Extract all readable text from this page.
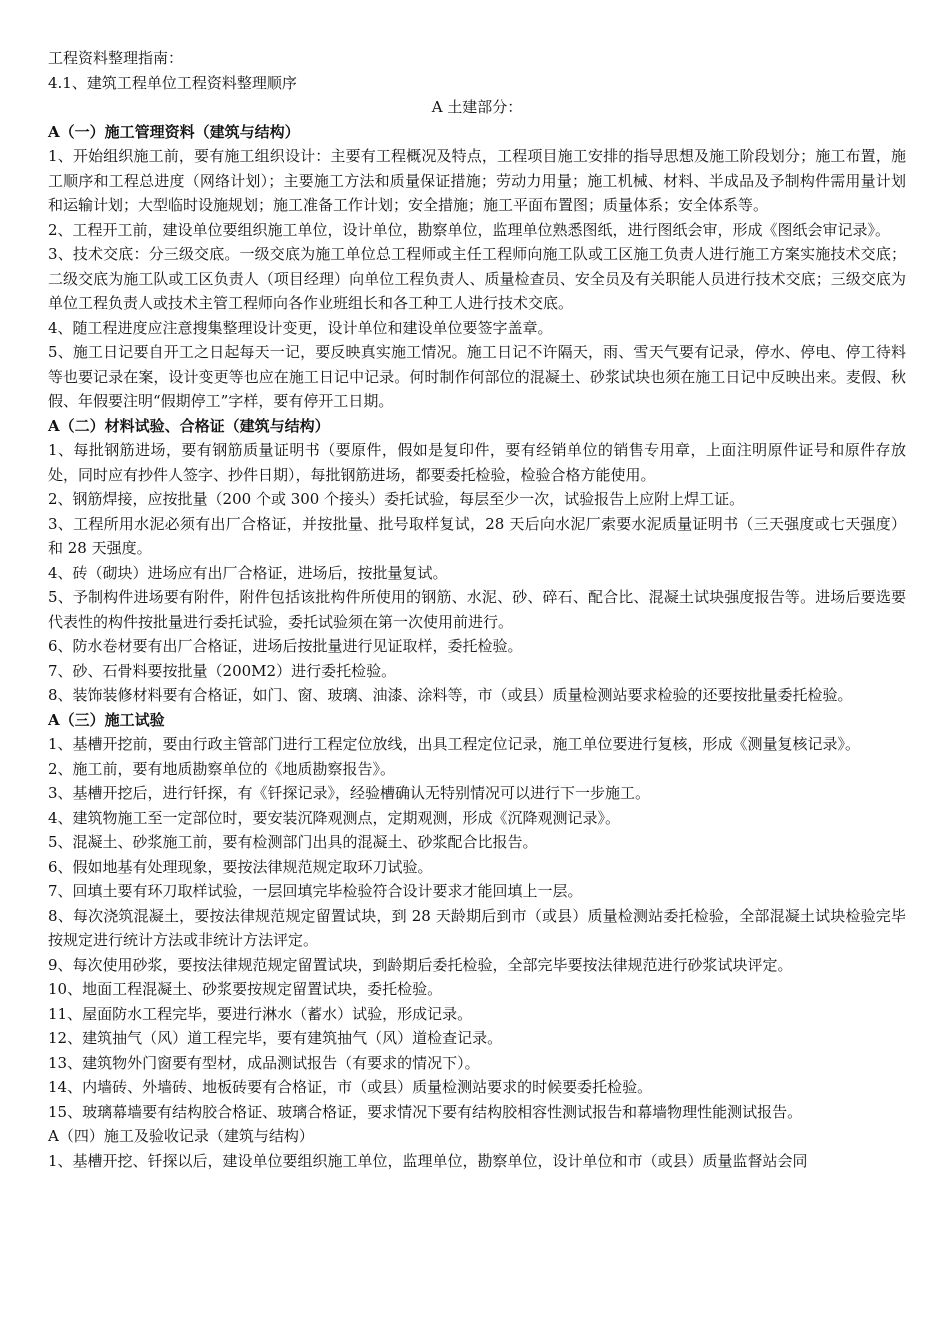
工程资料整理指南：
4.1、建筑工程单位工程资料整理顺序
A 土建部分：
A（一）施工管理资料（建筑与结构）
1、开始组织施工前，要有施工组织设计：主要有工程概况及特点，工程项目施工安排的指导思想及施工阶段划分；施工布置，施工顺序和工程总进度（网络计划）；主要施工方法和质量保证措施；劳动力用量；施工机械、材料、半成品及予制构件需用量计划和运输计划；大型临时设施规划；施工准备工作计划；安全措施；施工平面布置图；质量体系；安全体系等。
2、工程开工前，建设单位要组织施工单位，设计单位，勘察单位，监理单位熟悉图纸，进行图纸会审，形成《图纸会审记录》。
3、技术交底：分三级交底。一级交底为施工单位总工程师或主任工程师向施工队或工区施工负责人进行施工方案实施技术交底；二级交底为施工队或工区负责人（项目经理）向单位工程负责人、质量检查员、安全员及有关职能人员进行技术交底；三级交底为单位工程负责人或技术主管工程师向各作业班组长和各工种工人进行技术交底。
4、随工程进度应注意搜集整理设计变更，设计单位和建设单位要签字盖章。
5、施工日记要自开工之日起每天一记，要反映真实施工情况。施工日记不许隔天，雨、雪天气要有记录，停水、停电、停工待料等也要记录在案，设计变更等也应在施工日记中记录。何时制作何部位的混凝土、砂浆试块也须在施工日记中反映出来。麦假、秋假、年假要注明“假期停工”字样，要有停开工日期。
A（二）材料试验、合格证（建筑与结构）
1、每批钢筋进场，要有钢筋质量证明书（要原件，假如是复印件，要有经销单位的销售专用章，上面注明原件证号和原件存放处，同时应有抄件人签字、抄件日期），每批钢筋进场，都要委托检验，检验合格方能使用。
2、钢筋焊接，应按批量（200 个或 300 个接头）委托试验，每层至少一次，试验报告上应附上焊工证。
3、工程所用水泥必须有出厂合格证，并按批量、批号取样复试，28 天后向水泥厂索要水泥质量证明书（三天强度或七天强度）和 28 天强度。
4、砖（砌块）进场应有出厂合格证，进场后，按批量复试。
5、予制构件进场要有附件，附件包括该批构件所使用的钢筋、水泥、砂、碎石、配合比、混凝土试块强度报告等。进场后要选要代表性的构件按批量进行委托试验，委托试验须在第一次使用前进行。
6、防水卷材要有出厂合格证，进场后按批量进行见证取样，委托检验。
7、砂、石骨料要按批量（200M2）进行委托检验。
8、装饰装修材料要有合格证，如门、窗、玻璃、油漆、涂料等，市（或县）质量检测站要求检验的还要按批量委托检验。
A（三）施工试验
1、基槽开挖前，要由行政主管部门进行工程定位放线，出具工程定位记录，施工单位要进行复核，形成《测量复核记录》。
2、施工前，要有地质勘察单位的《地质勘察报告》。
3、基槽开挖后，进行钎探，有《钎探记录》，经验槽确认无特别情况可以进行下一步施工。
4、建筑物施工至一定部位时，要安装沉降观测点，定期观测，形成《沉降观测记录》。
5、混凝土、砂浆施工前，要有检测部门出具的混凝土、砂浆配合比报告。
6、假如地基有处理现象，要按法律规范规定取环刀试验。
7、回填土要有环刀取样试验，一层回填完毕检验符合设计要求才能回填上一层。
8、每次浇筑混凝土，要按法律规范规定留置试块，到 28 天龄期后到市（或县）质量检测站委托检验，全部混凝土试块检验完毕按规定进行统计方法或非统计方法评定。
9、每次使用砂浆，要按法律规范规定留置试块，到龄期后委托检验，全部完毕要按法律规范进行砂浆试块评定。
10、地面工程混凝土、砂浆要按规定留置试块，委托检验。
11、屋面防水工程完毕，要进行淋水（蓄水）试验，形成记录。
12、建筑抽气（风）道工程完毕，要有建筑抽气（风）道检查记录。
13、建筑物外门窗要有型材，成品测试报告（有要求的情况下）。
14、内墙砖、外墙砖、地板砖要有合格证，市（或县）质量检测站要求的时候要委托检验。
15、玻璃幕墙要有结构胶合格证、玻璃合格证，要求情况下要有结构胶相容性测试报告和幕墙物理性能测试报告。
A（四）施工及验收记录（建筑与结构）
1、基槽开挖、钎探以后，建设单位要组织施工单位，监理单位，勘察单位，设计单位和市（或县）质量监督站会同
